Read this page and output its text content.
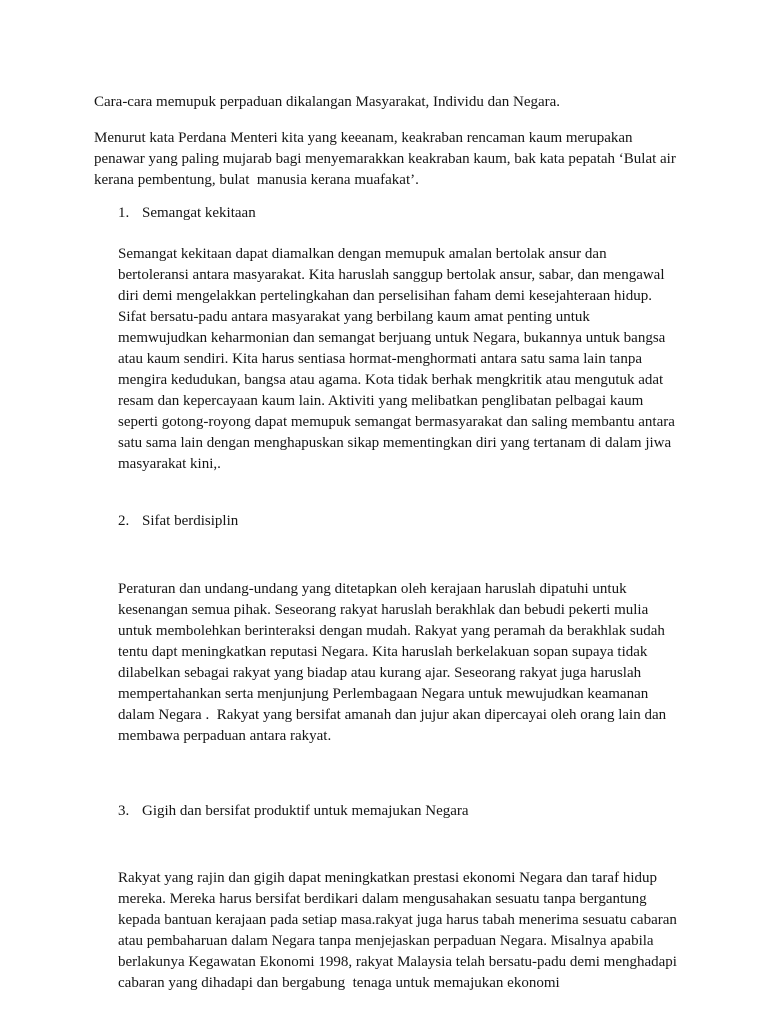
Cara-cara memupuk perpaduan dikalangan Masyarakat, Individu dan Negara.

Menurut kata Perdana Menteri kita yang keeanam, keakraban rencaman kaum merupakan penawar yang paling mujarab bagi menyemarakkan keakraban kaum, bak kata pepatah ‘Bulat air kerana pembentung, bulat  manusia kerana muafakat’.

1. Semangat kekitaan

Semangat kekitaan dapat diamalkan dengan memupuk amalan bertolak ansur dan bertoleransi antara masyarakat. Kita haruslah sanggup bertolak ansur, sabar, dan mengawal diri demi mengelakkan pertelingkahan dan perselisihan faham demi kesejahteraan hidup. Sifat bersatu-padu antara masyarakat yang berbilang kaum amat penting untuk memwujudkan keharmonian dan semangat berjuang untuk Negara, bukannya untuk bangsa atau kaum sendiri. Kita harus sentiasa hormat-menghormati antara satu sama lain tanpa mengira kedudukan, bangsa atau agama. Kota tidak berhak mengkritik atau mengutuk adat resam dan kepercayaan kaum lain. Aktiviti yang melibatkan penglibatan pelbagai kaum seperti gotong-royong dapat memupuk semangat bermasyarakat dan saling membantu antara satu sama lain dengan menghapuskan sikap mementingkan diri yang tertanam di dalam jiwa masyarakat kini,.

2. Sifat berdisiplin

Peraturan dan undang-undang yang ditetapkan oleh kerajaan haruslah dipatuhi untuk kesenangan semua pihak. Seseorang rakyat haruslah berakhlak dan bebudi pekerti mulia untuk membolehkan berinteraksi dengan mudah. Rakyat yang peramah da berakhlak sudah tentu dapt meningkatkan reputasi Negara. Kita haruslah berkelakuan sopan supaya tidak dilabelkan sebagai rakyat yang biadap atau kurang ajar. Seseorang rakyat juga haruslah mempertahankan serta menjunjung Perlembagaan Negara untuk mewujudkan keamanan dalam Negara .  Rakyat yang bersifat amanah dan jujur akan dipercayai oleh orang lain dan membawa perpaduan antara rakyat.

3. Gigih dan bersifat produktif untuk memajukan Negara

Rakyat yang rajin dan gigih dapat meningkatkan prestasi ekonomi Negara dan taraf hidup mereka. Mereka harus bersifat berdikari dalam mengusahakan sesuatu tanpa bergantung kepada bantuan kerajaan pada setiap masa.rakyat juga harus tabah menerima sesuatu cabaran atau pembaharuan dalam Negara tanpa menjejaskan perpaduan Negara. Misalnya apabila berlakunya Kegawatan Ekonomi 1998, rakyat Malaysia telah bersatu-padu demi menghadapi cabaran yang dihadapi dan bergabung  tenaga untuk memajukan ekonomi
